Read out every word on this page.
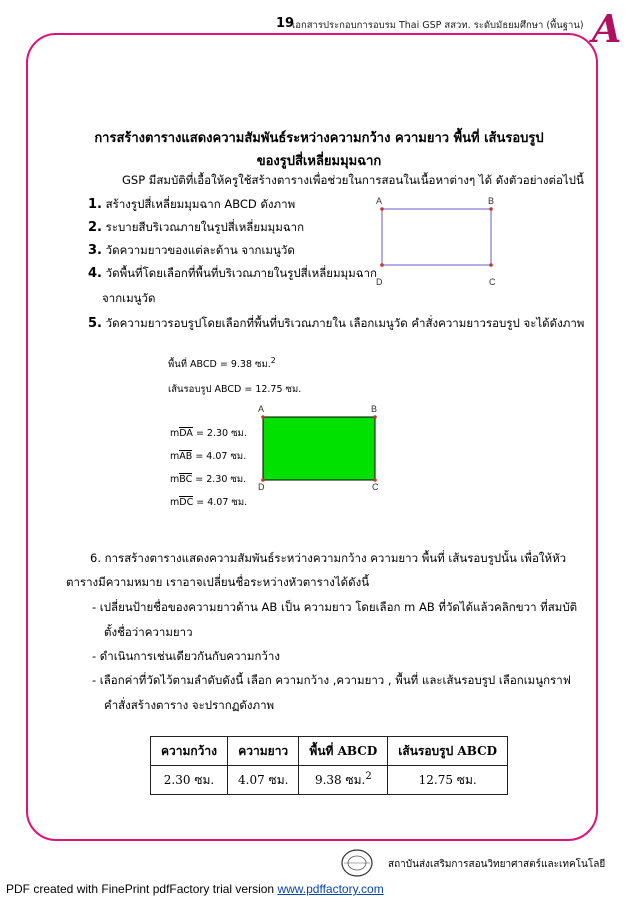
19
เอกสารประกอบการอบรม Thai GSP สสวท. ระดับมัธยมศึกษา (พื้นฐาน) A
การสร้างตารางแสดงความสัมพันธ์ระหว่างความกว้าง ความยาว พื้นที่ เส้นรอบรูป
ของรูปสี่เหลี่ยมมุมฉาก
GSP มีสมบัติที่เอื้อให้ครูใช้สร้างตารางเพื่อช่วยในการสอนในเนื้อหาต่างๆ ได้ ดังตัวอย่างต่อไปนี้
1. สร้างรูปสี่เหลี่ยมมุมฉาก ABCD ดังภาพ
2. ระบายสีบริเวณภายในรูปสี่เหลี่ยมมุมฉาก
3. วัดความยาวของแต่ละด้าน จากเมนูวัด
4. วัดพื้นที่โดยเลือกที่พื้นที่บริเวณภายในรูปสี่เหลี่ยมมุมฉาก
จากเมนูวัด
5. วัดความยาวรอบรูปโดยเลือกที่พื้นที่บริเวณภายใน เลือกเมนูวัด คำสั่งความยาวรอบรูป จะได้ดังภาพ
A	B
C
D
พื้นที่ ABCD = 9.38 ซม.$^2$
เส้นรอบรูป ABCD = 12.75 ซม.
mDA = 2.30 ซม.
mAB = 4.07 ซม.
mBC = 2.30 ซม.
mDC = 4.07 ซม.
A	B
C
D
6. การสร้างตารางแสดงความสัมพันธ์ระหว่างความกว้าง ความยาว พื้นที่ เส้นรอบรูปนั้น เพื่อให้หัว
ตารางมีความหมาย เราอาจเปลี่ยนชื่อระหว่างหัวตารางได้ดังนี้
- เปลี่ยนป้ายชื่อของความยาวด้าน AB เป็น ความยาว โดยเลือก m AB ที่วัดได้แล้วคลิกขวา ที่สมบัติ
ตั้งชื่อว่าความยาว
- ดำเนินการเช่นเดียวกันกับความกว้าง
- เลือกค่าที่วัดไว้ตามลำดับดังนี้ เลือก ความกว้าง ,ความยาว , พื้นที่ และเส้นรอบรูป เลือกเมนูกราฟ
คำสั่งสร้างตาราง จะปรากฏดังภาพ
ความกว้าง	ความยาว	พื้นที่ ABCD	เส้นรอบรูป ABCD
2.30 ซม.	4.07 ซม.	9.38 ซม.$^2$	12.75 ซม.
สถาบันส่งเสริมการสอนวิทยาศาสตร์และเทคโนโลยี
PDF created with FinePrint pdfFactory trial version www.pdffactory.com
